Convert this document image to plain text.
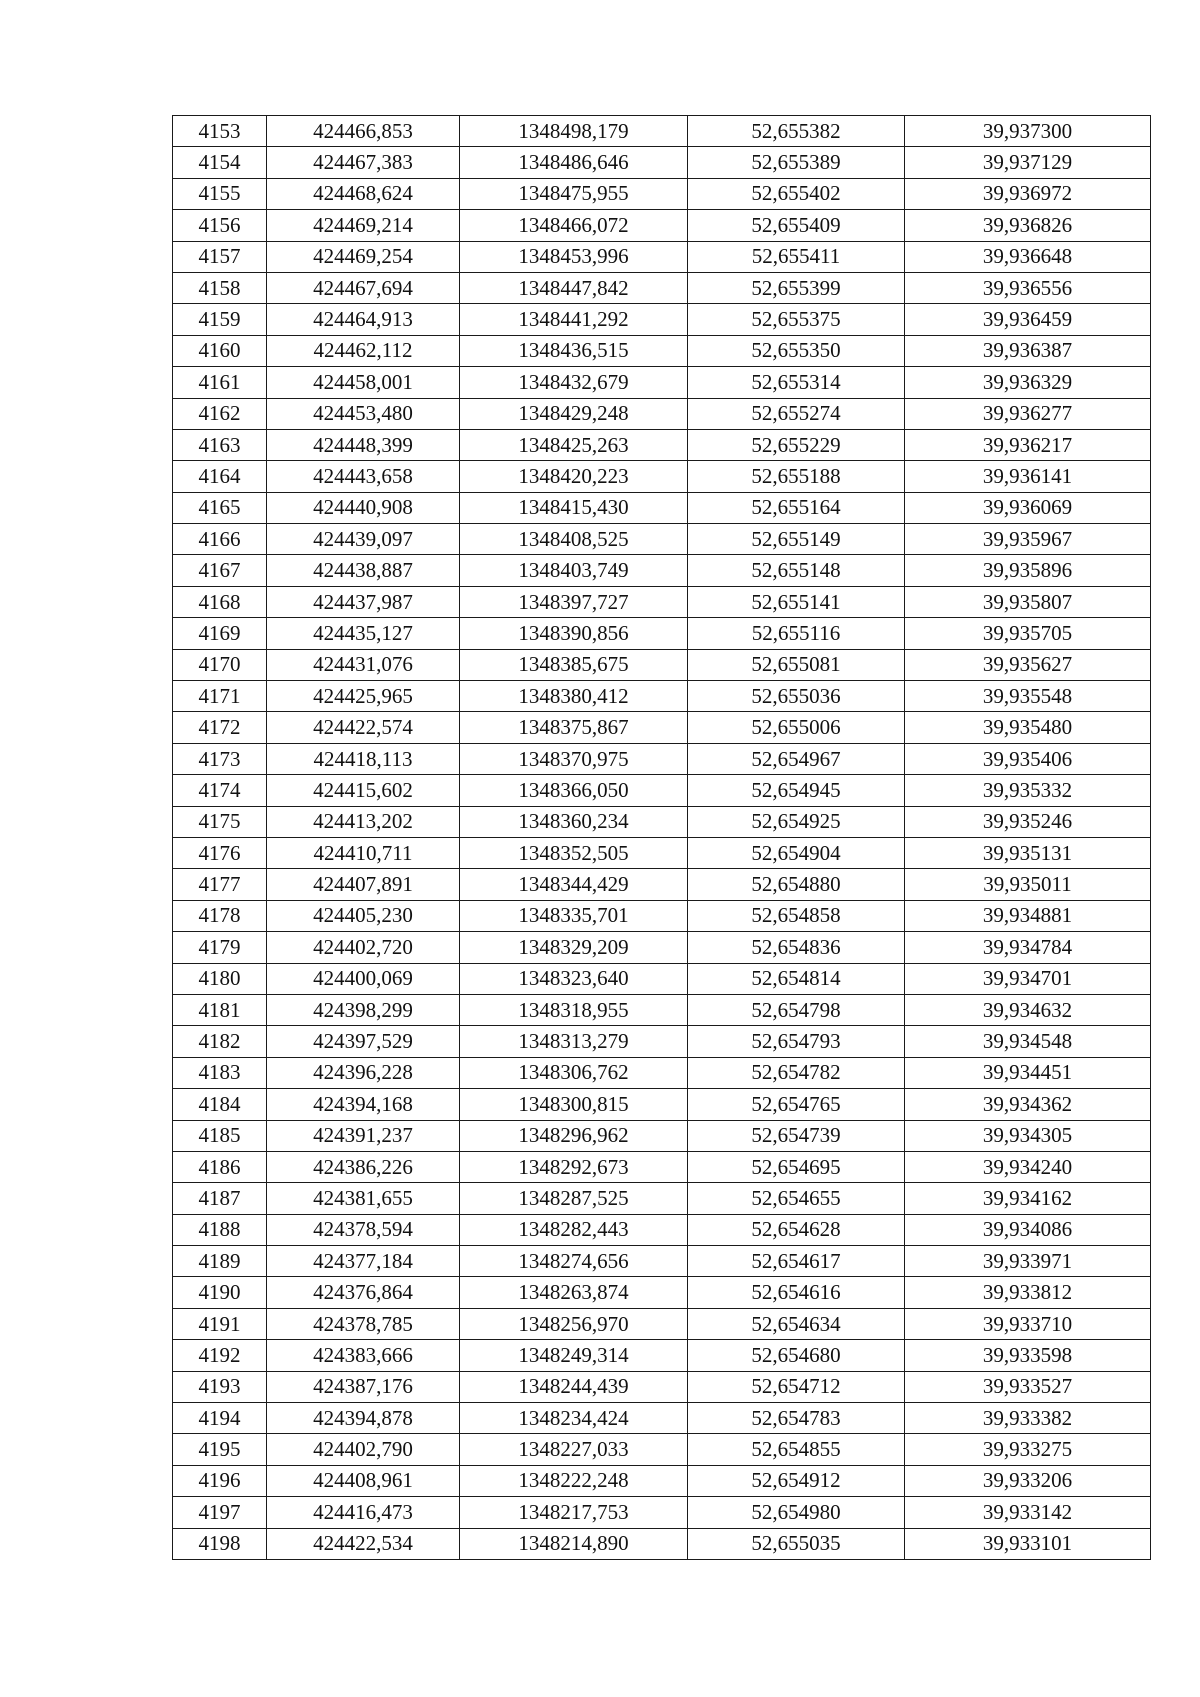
4153	424466,853	1348498,179	52,655382	39,937300
4154	424467,383	1348486,646	52,655389	39,937129
4155	424468,624	1348475,955	52,655402	39,936972
4156	424469,214	1348466,072	52,655409	39,936826
4157	424469,254	1348453,996	52,655411	39,936648
4158	424467,694	1348447,842	52,655399	39,936556
4159	424464,913	1348441,292	52,655375	39,936459
4160	424462,112	1348436,515	52,655350	39,936387
4161	424458,001	1348432,679	52,655314	39,936329
4162	424453,480	1348429,248	52,655274	39,936277
4163	424448,399	1348425,263	52,655229	39,936217
4164	424443,658	1348420,223	52,655188	39,936141
4165	424440,908	1348415,430	52,655164	39,936069
4166	424439,097	1348408,525	52,655149	39,935967
4167	424438,887	1348403,749	52,655148	39,935896
4168	424437,987	1348397,727	52,655141	39,935807
4169	424435,127	1348390,856	52,655116	39,935705
4170	424431,076	1348385,675	52,655081	39,935627
4171	424425,965	1348380,412	52,655036	39,935548
4172	424422,574	1348375,867	52,655006	39,935480
4173	424418,113	1348370,975	52,654967	39,935406
4174	424415,602	1348366,050	52,654945	39,935332
4175	424413,202	1348360,234	52,654925	39,935246
4176	424410,711	1348352,505	52,654904	39,935131
4177	424407,891	1348344,429	52,654880	39,935011
4178	424405,230	1348335,701	52,654858	39,934881
4179	424402,720	1348329,209	52,654836	39,934784
4180	424400,069	1348323,640	52,654814	39,934701
4181	424398,299	1348318,955	52,654798	39,934632
4182	424397,529	1348313,279	52,654793	39,934548
4183	424396,228	1348306,762	52,654782	39,934451
4184	424394,168	1348300,815	52,654765	39,934362
4185	424391,237	1348296,962	52,654739	39,934305
4186	424386,226	1348292,673	52,654695	39,934240
4187	424381,655	1348287,525	52,654655	39,934162
4188	424378,594	1348282,443	52,654628	39,934086
4189	424377,184	1348274,656	52,654617	39,933971
4190	424376,864	1348263,874	52,654616	39,933812
4191	424378,785	1348256,970	52,654634	39,933710
4192	424383,666	1348249,314	52,654680	39,933598
4193	424387,176	1348244,439	52,654712	39,933527
4194	424394,878	1348234,424	52,654783	39,933382
4195	424402,790	1348227,033	52,654855	39,933275
4196	424408,961	1348222,248	52,654912	39,933206
4197	424416,473	1348217,753	52,654980	39,933142
4198	424422,534	1348214,890	52,655035	39,933101
